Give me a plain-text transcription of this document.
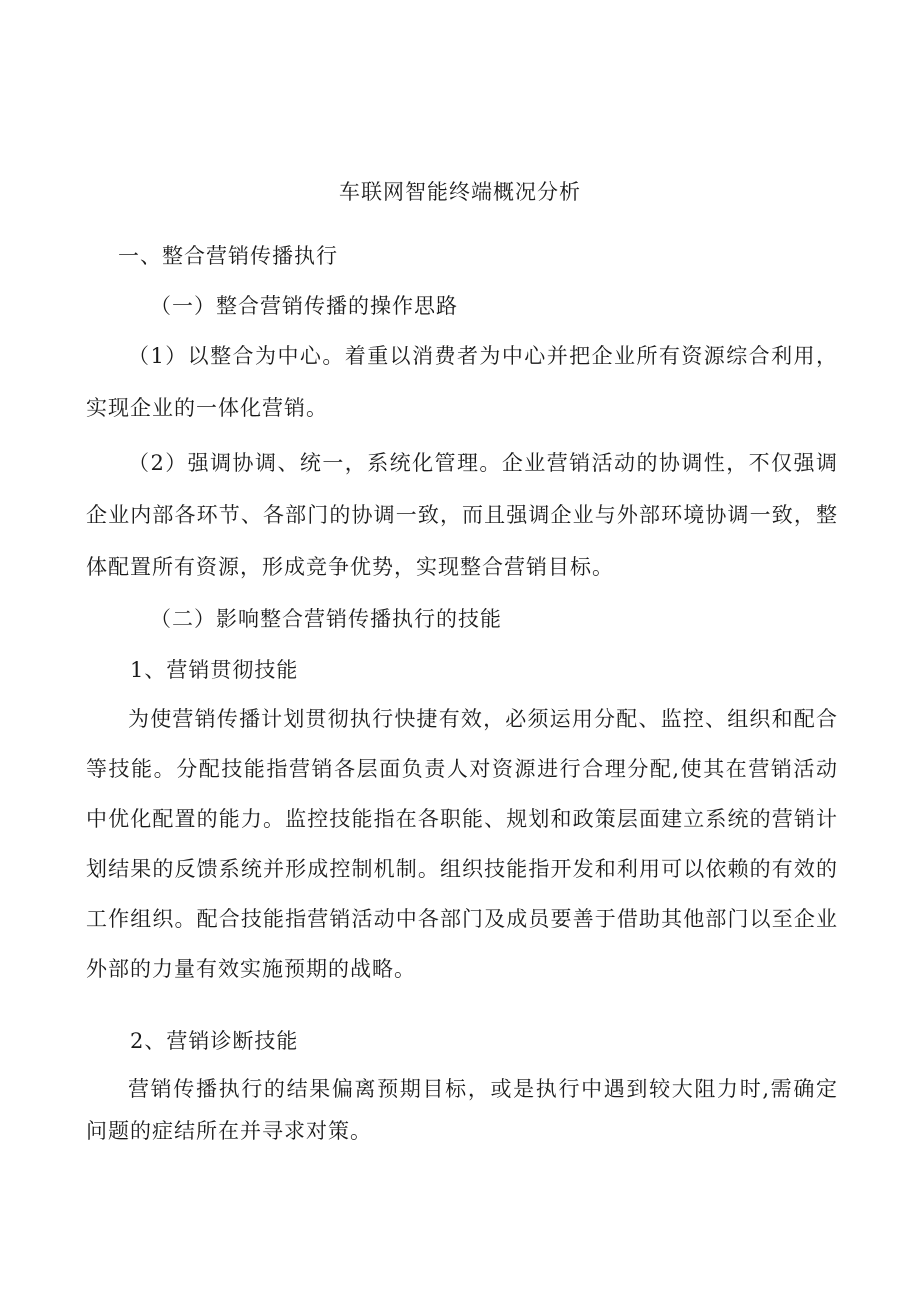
车联网智能终端概况分析
一、整合营销传播执行
（一）整合营销传播的操作思路

（1）以整合为中心。着重以消费者为中心并把企业所有资源综合利用，实现企业的一体化营销。

（2）强调协调、统一，系统化管理。企业营销活动的协调性，不仅强调企业内部各环节、各部门的协调一致，而且强调企业与外部环境协调一致，整体配置所有资源，形成竞争优势，实现整合营销目标。

（二）影响整合营销传播执行的技能
1、营销贯彻技能

为使营销传播计划贯彻执行快捷有效，必须运用分配、监控、组织和配合等技能。分配技能指营销各层面负责人对资源进行合理分配,使其在营销活动中优化配置的能力。监控技能指在各职能、规划和政策层面建立系统的营销计划结果的反馈系统并形成控制机制。组织技能指开发和利用可以依赖的有效的工作组织。配合技能指营销活动中各部门及成员要善于借助其他部门以至企业外部的力量有效实施预期的战略。

2、营销诊断技能

营销传播执行的结果偏离预期目标，或是执行中遇到较大阻力时,需确定问题的症结所在并寻求对策。
